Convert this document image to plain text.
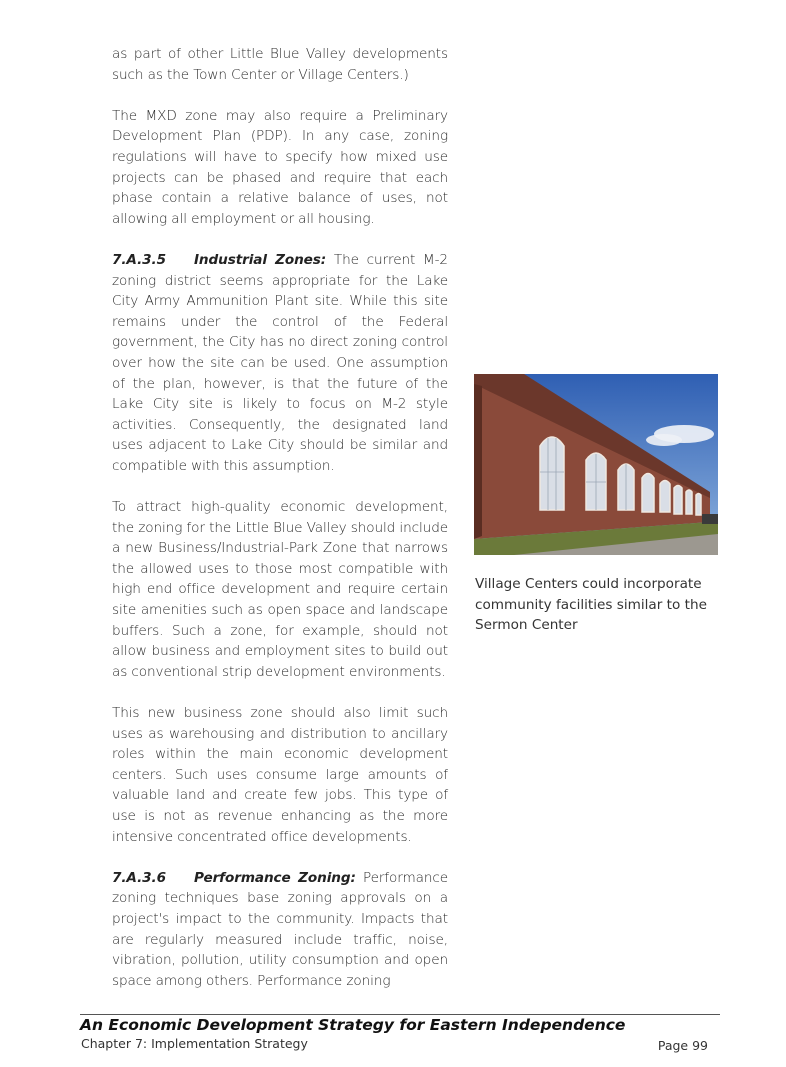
as part of other Little Blue Valley developments such as the Town Center or Village Centers.)

The MXD zone may also require a Preliminary Development Plan (PDP). In any case, zoning regulations will have to specify how mixed use projects can be phased and require that each phase contain a relative balance of uses, not allowing all employment or all housing.

7.A.3.5 Industrial Zones: The current M-2 zoning district seems appropriate for the Lake City Army Ammunition Plant site. While this site remains under the control of the Federal government, the City has no direct zoning control over how the site can be used. One assumption of the plan, however, is that the future of the Lake City site is likely to focus on M-2 style activities. Consequently, the designated land uses adjacent to Lake City should be similar and compatible with this assumption.

To attract high-quality economic development, the zoning for the Little Blue Valley should include a new Business/Industrial-Park Zone that narrows the allowed uses to those most compatible with high end office development and require certain site amenities such as open space and landscape buffers. Such a zone, for example, should not allow business and employment sites to build out as conventional strip development environments.

This new business zone should also limit such uses as warehousing and distribution to ancillary roles within the main economic development centers. Such uses consume large amounts of valuable land and create few jobs. This type of use is not as revenue enhancing as the more intensive concentrated office developments.

7.A.3.6 Performance Zoning: Performance zoning techniques base zoning approvals on a project's impact to the community. Impacts that are regularly measured include traffic, noise, vibration, pollution, utility consumption and open space among others. Performance zoning

Village Centers could incorporate community facilities similar to the Sermon Center
An Economic Development Strategy for Eastern Independence
Chapter 7: Implementation Strategy	Page 99
